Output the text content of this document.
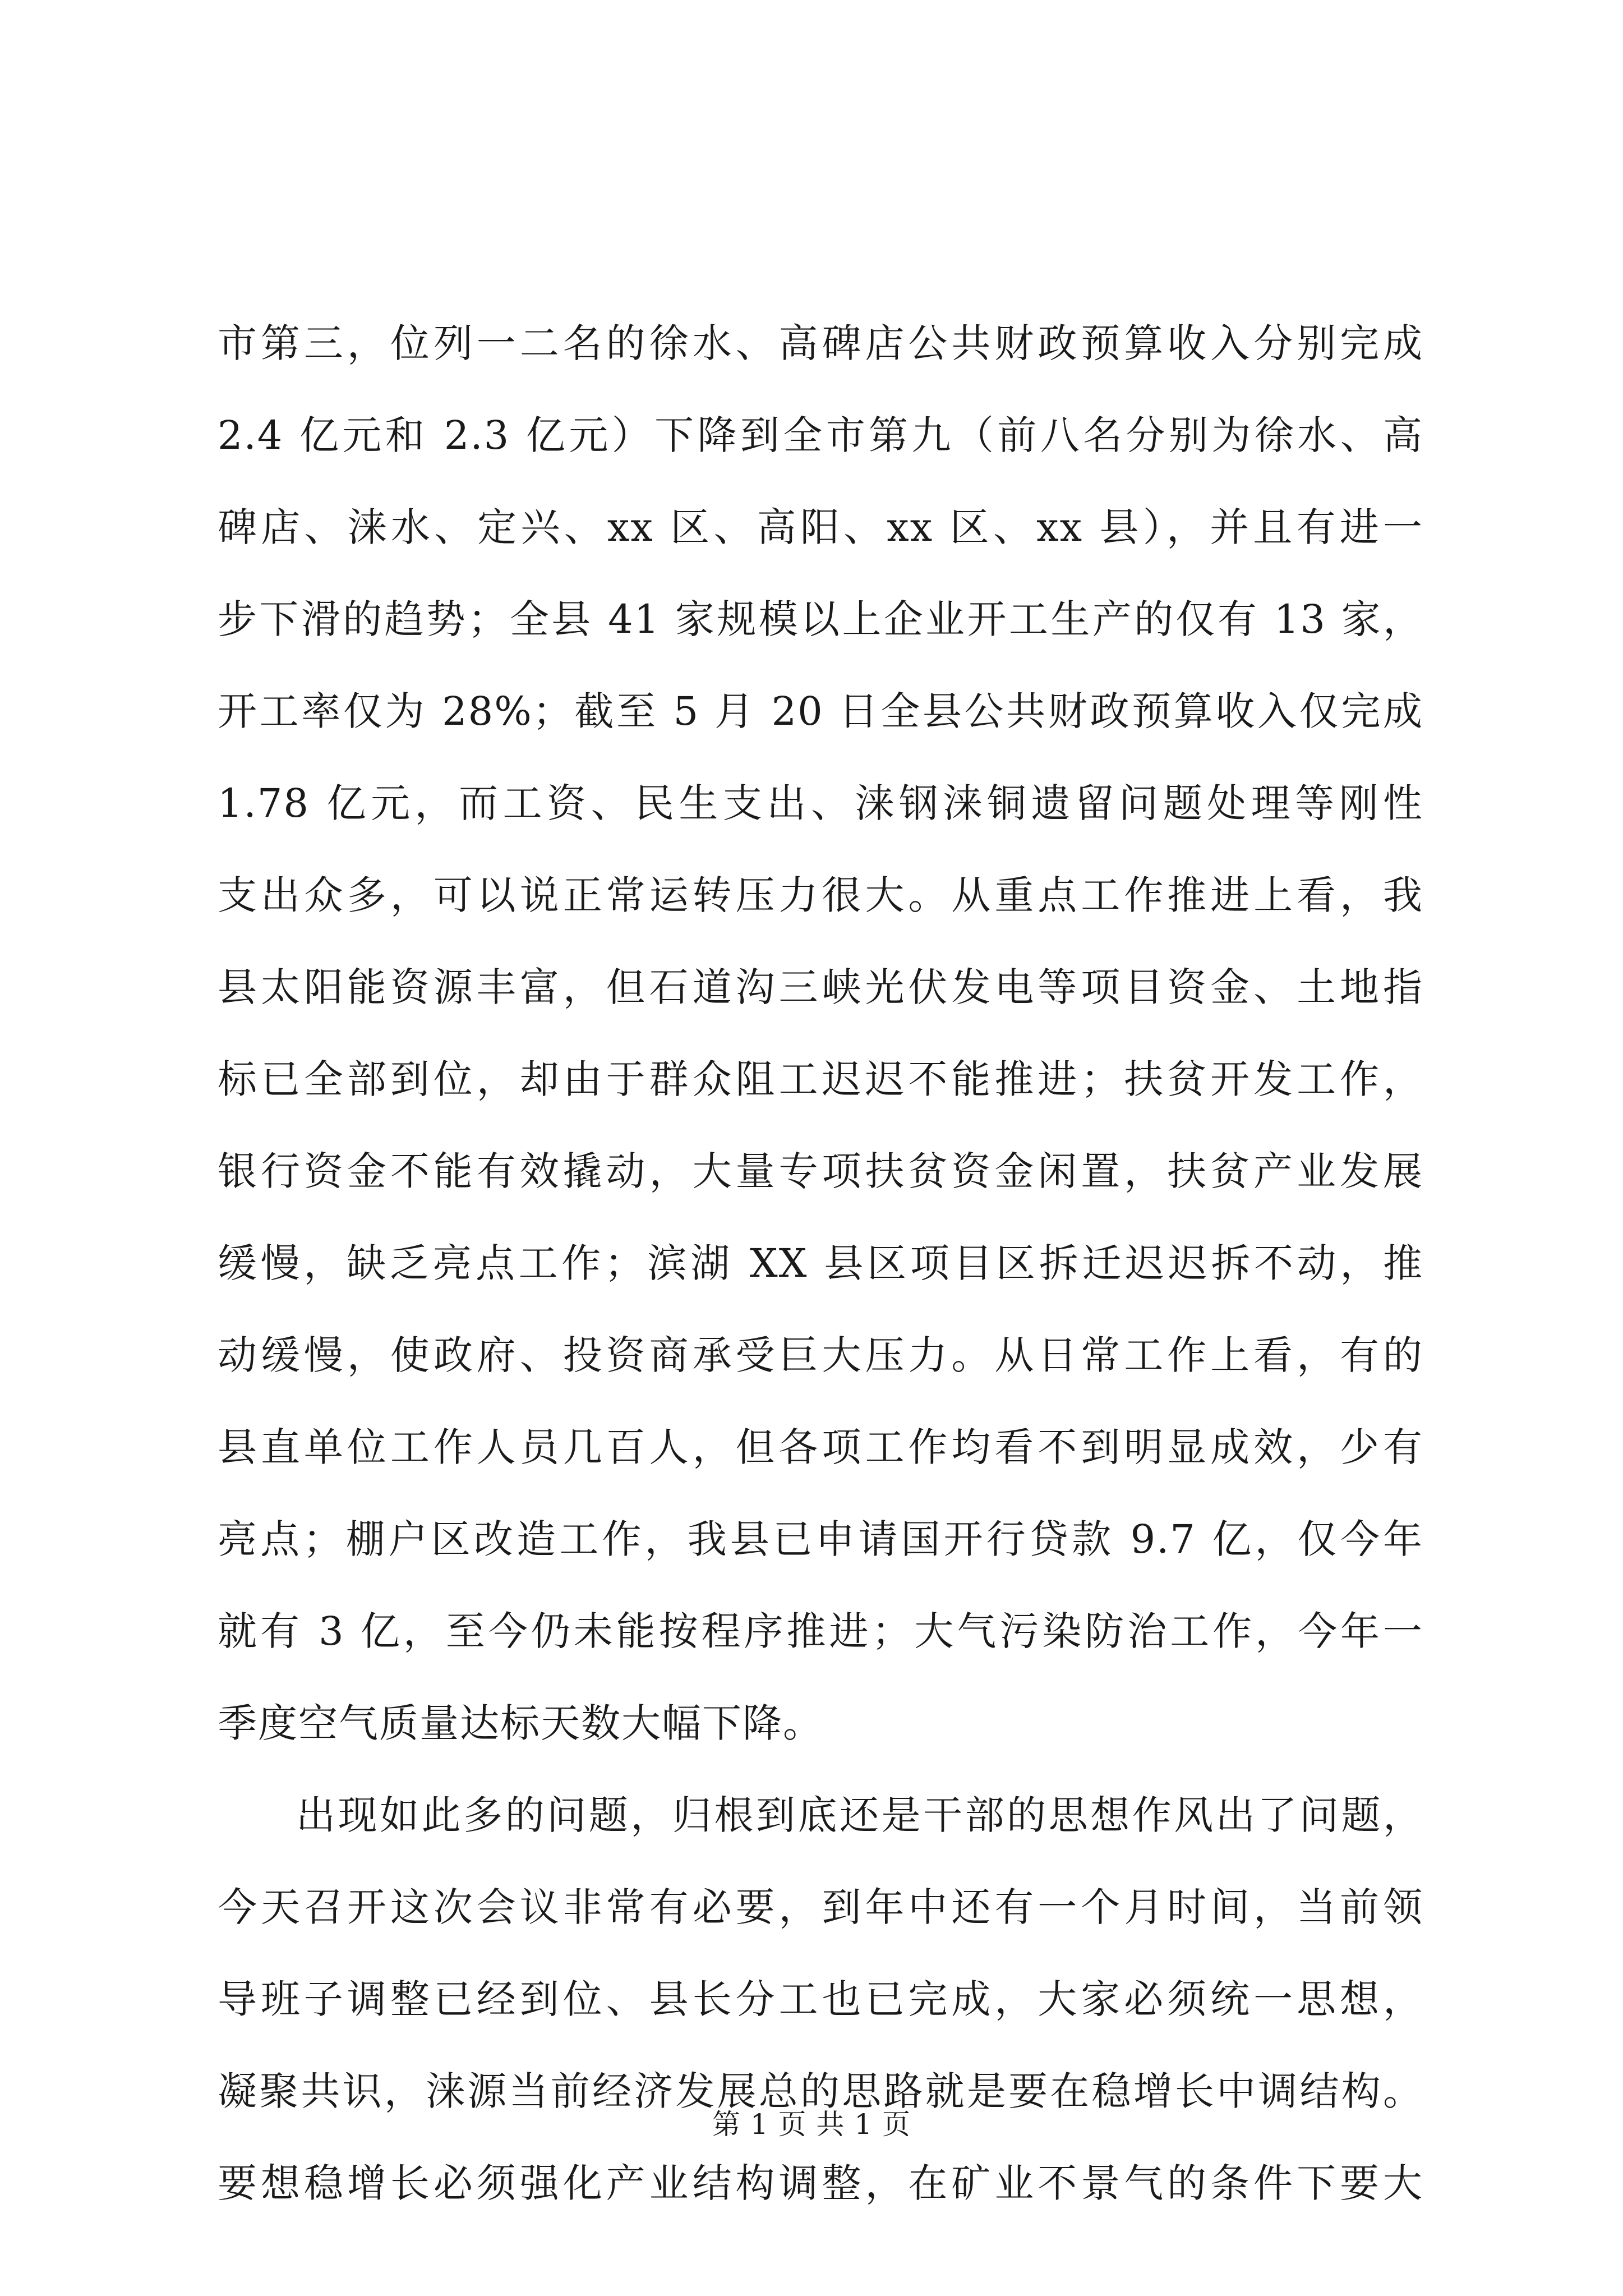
市第三，位列一二名的徐水、高碑店公共财政预算收入分别完成
2.4 亿元和 2.3 亿元）下降到全市第九（前八名分别为徐水、高
碑店、涞水、定兴、xx 区、高阳、xx 区、xx 县），并且有进一
步下滑的趋势；全县 41 家规模以上企业开工生产的仅有 13 家，
开工率仅为 28%；截至 5 月 20 日全县公共财政预算收入仅完成
1.78 亿元，而工资、民生支出、涞钢涞铜遗留问题处理等刚性
支出众多，可以说正常运转压力很大。从重点工作推进上看，我
县太阳能资源丰富，但石道沟三峡光伏发电等项目资金、土地指
标已全部到位，却由于群众阻工迟迟不能推进；扶贫开发工作，
银行资金不能有效撬动，大量专项扶贫资金闲置，扶贫产业发展
缓慢，缺乏亮点工作；滨湖 XX 县区项目区拆迁迟迟拆不动，推
动缓慢，使政府、投资商承受巨大压力。从日常工作上看，有的
县直单位工作人员几百人，但各项工作均看不到明显成效，少有
亮点；棚户区改造工作，我县已申请国开行贷款 9.7 亿，仅今年
就有 3 亿，至今仍未能按程序推进；大气污染防治工作，今年一
季度空气质量达标天数大幅下降。
出现如此多的问题，归根到底还是干部的思想作风出了问题，
今天召开这次会议非常有必要，到年中还有一个月时间，当前领
导班子调整已经到位、县长分工也已完成，大家必须统一思想，
凝聚共识，涞源当前经济发展总的思路就是要在稳增长中调结构。
要想稳增长必须强化产业结构调整，在矿业不景气的条件下要大
第 1 页 共 1 页
